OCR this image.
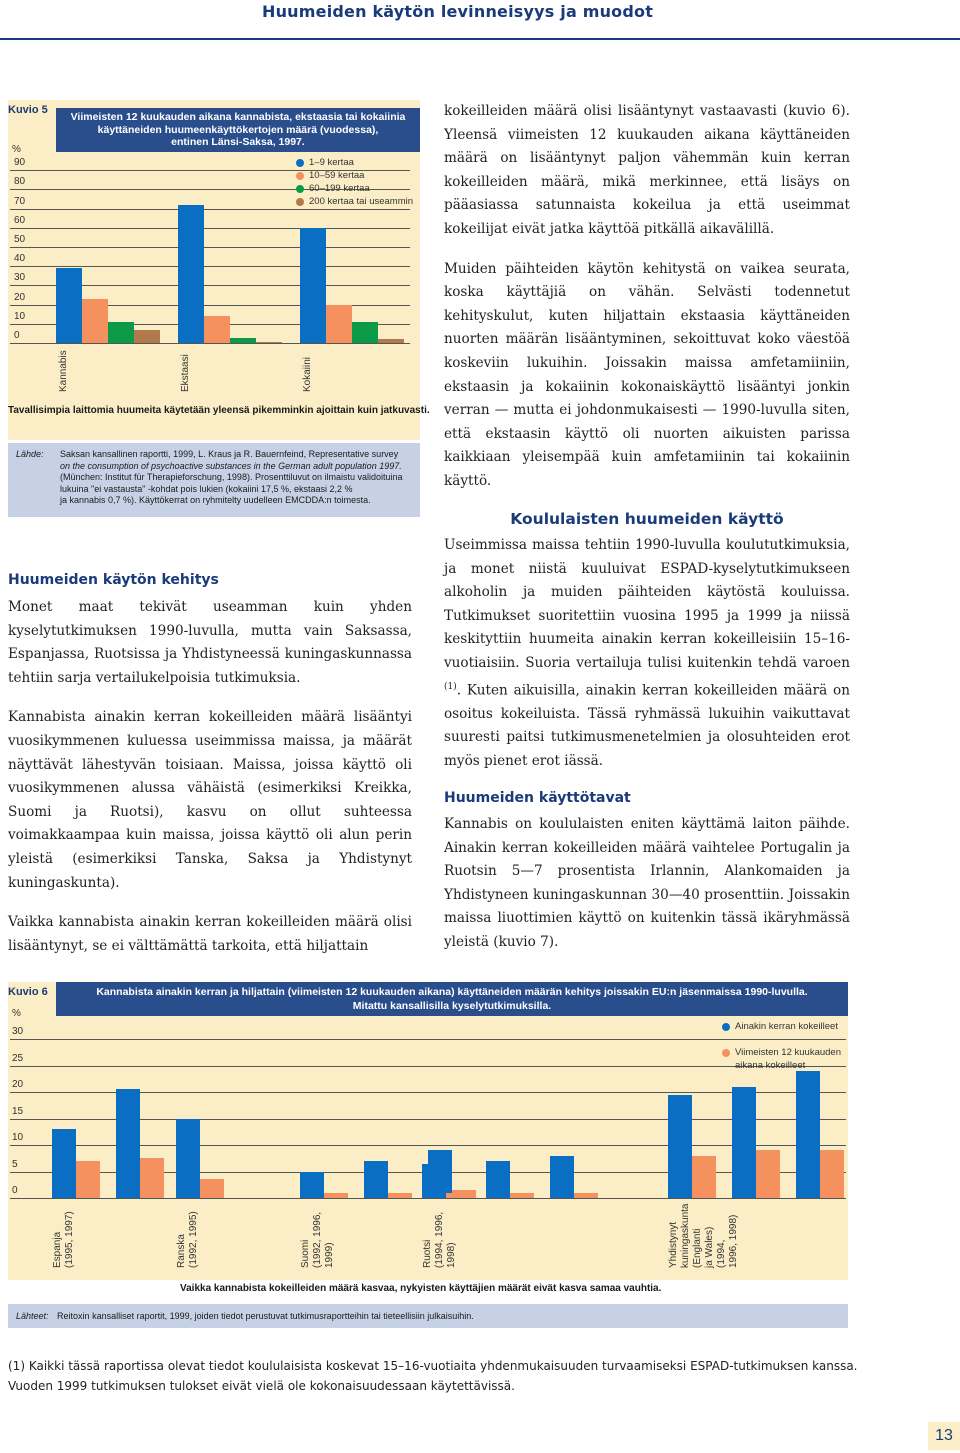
Huumeiden käytön levinneisyys ja muodot
Kuvio 5
Viimeisten 12 kuukauden aikana kannabista, ekstaasia tai kokaiinia
käyttäneiden huumeenkäyttökertojen määrä (vuodessa),
entinen Länsi-Saksa, 1997.
%
0
10
20
30
40
50
60
70
80
90
Kannabis	Ekstaasi	Kokaiini
1–9 kertaa
10–59 kertaa
60–199 kertaa
200 kertaa tai useammin
Tavallisimpia laittomia huumeita käytetään yleensä pikemminkin ajoittain kuin jatkuvasti.
Lähde: Saksan kansallinen raportti, 1999, L. Kraus ja R. Bauernfeind, Representative survey
on the consumption of psychoactive substances in the German adult population 1997.
(München: Institut für Therapieforschung, 1998). Prosenttiluvut on ilmaistu validoituina
lukuina "ei vastausta" -kohdat pois lukien (kokaiini 17,5 %, ekstaasi 2,2 %
ja kannabis 0,7 %). Käyttökerrat on ryhmitelty uudelleen EMCDDA:n toimesta.
Huumeiden käytön kehitys

Monet maat tekivät useamman kuin yhden kyselytutkimuksen 1990-luvulla, mutta vain Saksassa, Espanjassa, Ruotsissa ja Yhdistyneessä kuningaskunnassa tehtiin sarja vertailukelpoisia tutkimuksia.

Kannabista ainakin kerran kokeilleiden määrä lisääntyi vuosikymmenen kuluessa useimmissa maissa, ja määrät näyttävät lähestyvän toisiaan. Maissa, joissa käyttö oli vuosikymmenen alussa vähäistä (esimerkiksi Kreikka, Suomi ja Ruotsi), kasvu on ollut suhteessa voimakkaampaa kuin maissa, joissa käyttö oli alun perin yleistä (esimerkiksi Tanska, Saksa ja Yhdistynyt kuningaskunta).

Vaikka kannabista ainakin kerran kokeilleiden määrä olisi lisääntynyt, se ei välttämättä tarkoita, että hiljattain

kokeilleiden määrä olisi lisääntynyt vastaavasti (kuvio 6). Yleensä viimeisten 12 kuukauden aikana käyttäneiden määrä on lisääntynyt paljon vähemmän kuin kerran kokeilleiden määrä, mikä merkinnee, että lisäys on pääasiassa satunnaista kokeilua ja että useimmat kokeilijat eivät jatka käyttöä pitkällä aikavälillä.

Muiden päihteiden käytön kehitystä on vaikea seurata, koska käyttäjiä on vähän. Selvästi todennetut kehityskulut, kuten hiljattain ekstaasia käyttäneiden nuorten määrän lisääntyminen, sekoittuvat koko väestöä koskeviin lukuihin. Joissakin maissa amfetamiiniin, ekstaasin ja kokaiinin kokonaiskäyttö lisääntyi jonkin verran — mutta ei johdonmukaisesti — 1990-luvulla siten, että ekstaasin käyttö oli nuorten aikuisten parissa kaikkiaan yleisempää kuin amfetamiinin tai kokaiinin käyttö.

Koululaisten huumeiden käyttö

Useimmissa maissa tehtiin 1990-luvulla koulututkimuksia, ja monet niistä kuuluivat ESPAD-kyselytutkimukseen alkoholin ja muiden päihteiden käytöstä kouluissa. Tutkimukset suoritettiin vuosina 1995 ja 1999 ja niissä keskityttiin huumeita ainakin kerran kokeilleisiin 15–16-vuotiaisiin. Suoria vertailuja tulisi kuitenkin tehdä varoen $^{(1)}$. Kuten aikuisilla, ainakin kerran kokeilleiden määrä on osoitus kokeiluista. Tässä ryhmässä lukuihin vaikuttavat suuresti paitsi tutkimusmenetelmien ja olosuhteiden erot myös pienet erot iässä.

Huumeiden käyttötavat

Kannabis on koululaisten eniten käyttämä laiton päihde. Ainakin kerran kokeilleiden määrä vaihtelee Portugalin ja Ruotsin 5—7 prosentista Irlannin, Alankomaiden ja Yhdistyneen kuningaskunnan 30—40 prosenttiin. Joissakin maissa liuottimien käyttö on kuitenkin tässä ikäryhmässä yleistä (kuvio 7).

Kuvio 6	Kannabista ainakin kerran ja hiljattain (viimeisten 12 kuukauden aikana) käyttäneiden määrän kehitys joissakin EU:n jäsenmaissa 1990-luvulla.
Mitattu kansallisilla kyselytutkimuksilla.
%
0
5
10
15
20
25
30
Espanja (1995, 1997)	Ranska (1992, 1995)	Suomi (1992, 1996, 1999)	Ruotsi (1994, 1996, 1998)	Yhdistynyt kuningaskunta (Englanti ja Wales) (1994, 1996, 1998)
Ainakin kerran kokeilleet
Viimeisten 12 kuukauden
aikana kokeilleet
Vaikka kannabista kokeilleiden määrä kasvaa, nykyisten käyttäjien määrät eivät kasva samaa vauhtia.
Lähteet: Reitoxin kansalliset raportit, 1999, joiden tiedot perustuvat tutkimusraportteihin tai tieteellisiin julkaisuihin.
(1) Kaikki tässä raportissa olevat tiedot koululaisista koskevat 15–16-vuotiaita yhdenmukaisuuden turvaamiseksi ESPAD-tutkimuksen kanssa. Vuoden 1999 tutkimuksen tulokset eivät vielä ole kokonaisuudessaan käytettävissä.
13
